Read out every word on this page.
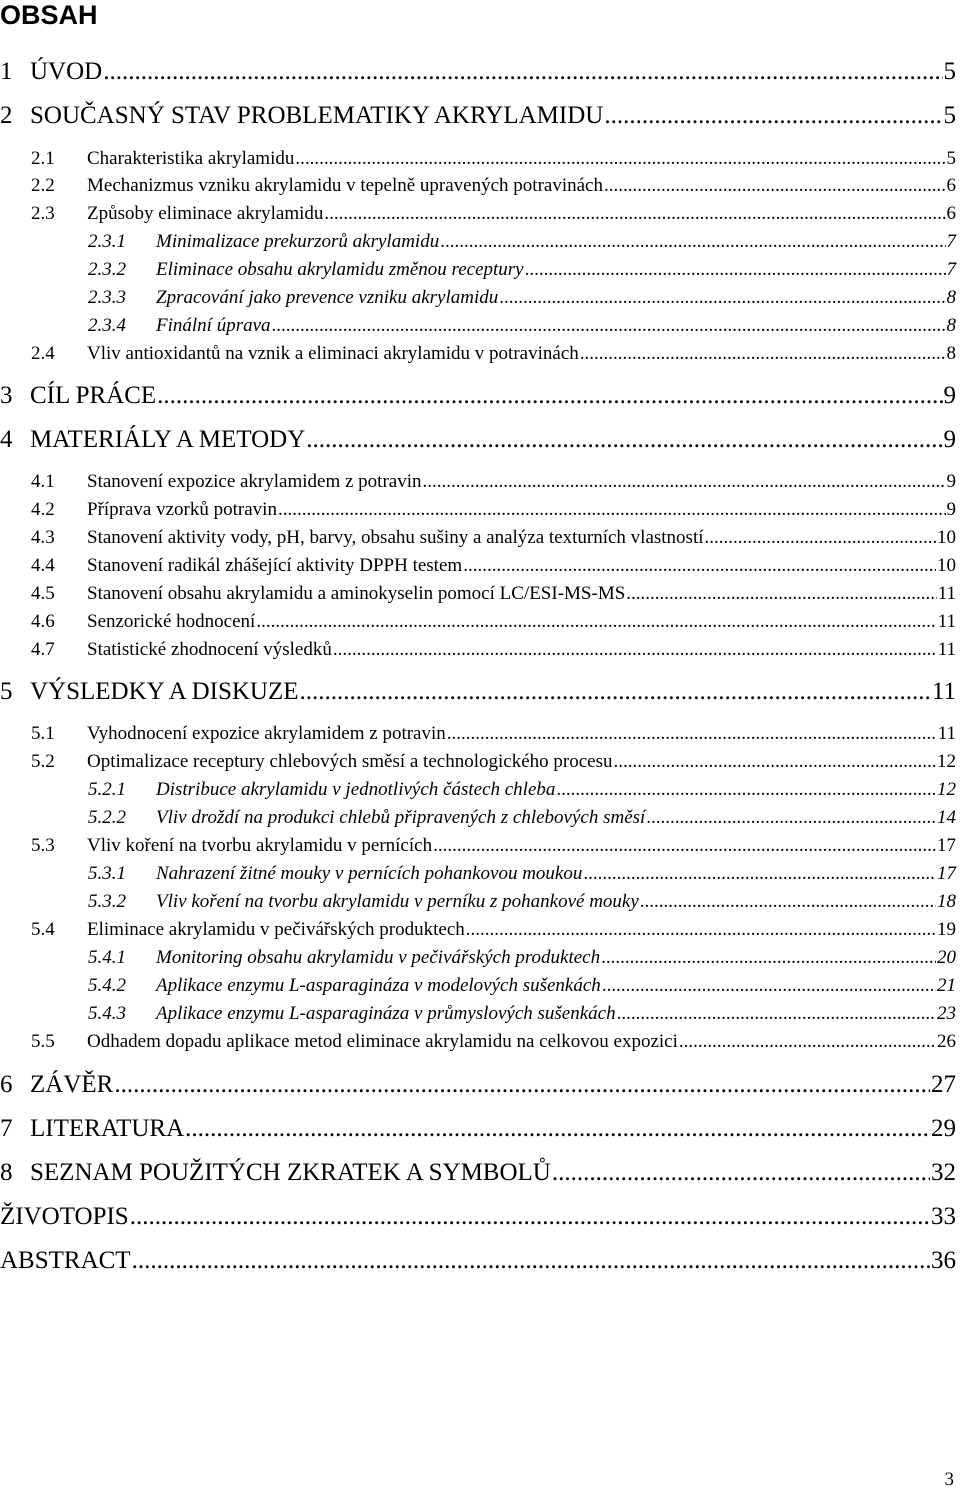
OBSAH
1 ÚVOD .....	5
2 SOUČASNÝ STAV PROBLEMATIKY AKRYLAMIDU .....	5
2.1	Charakteristika akrylamidu .....	5
2.2	Mechanizmus vzniku akrylamidu v tepelně upravených potravinách .....	6
2.3	Způsoby eliminace akrylamidu .....	6
2.3.1	Minimalizace prekurzorů akrylamidu .....	7
2.3.2	Eliminace obsahu akrylamidu změnou receptury .....	7
2.3.3	Zpracování jako prevence vzniku akrylamidu .....	8
2.3.4	Finální úprava .....	8
2.4	Vliv antioxidantů na vznik a eliminaci akrylamidu v potravinách .....	8
3 CÍL PRÁCE .....	9
4 MATERIÁLY A METODY .....	9
4.1	Stanovení expozice akrylamidem z potravin .....	9
4.2	Příprava vzorků potravin .....	9
4.3	Stanovení aktivity vody, pH, barvy, obsahu sušiny a analýza texturních vlastností .....	10
4.4	Stanovení radikál zhášející aktivity DPPH testem .....	10
4.5	Stanovení obsahu akrylamidu a aminokyselin pomocí LC/ESI-MS-MS .....	11
4.6	Senzorické hodnocení .....	11
4.7	Statistické zhodnocení výsledků .....	11
5 VÝSLEDKY A DISKUZE .....	11
5.1	Vyhodnocení expozice akrylamidem z potravin .....	11
5.2	Optimalizace receptury chlebových směsí a technologického procesu .....	12
5.2.1	Distribuce akrylamidu v jednotlivých částech chleba .....	12
5.2.2	Vliv droždí na produkci chlebů připravených z chlebových směsí .....	14
5.3	Vliv koření na tvorbu akrylamidu v pernících .....	17
5.3.1	Nahrazení žitné mouky v pernících pohankovou moukou .....	17
5.3.2	Vliv koření na tvorbu akrylamidu v perníku z pohankové mouky .....	18
5.4	Eliminace akrylamidu v pečivářských produktech .....	19
5.4.1	Monitoring obsahu akrylamidu v pečivářských produktech .....	20
5.4.2	Aplikace enzymu L-asparagináza v modelových sušenkách .....	21
5.4.3	Aplikace enzymu L-asparagináza v průmyslových sušenkách .....	23
5.5	Odhadem dopadu aplikace metod eliminace akrylamidu na celkovou expozici .....	26
6 ZÁVĚR .....	27
7 LITERATURA .....	29
8 SEZNAM POUŽITÝCH ZKRATEK A SYMBOLŮ .....	32
ŽIVOTOPIS .....	33
ABSTRACT .....	36
3
